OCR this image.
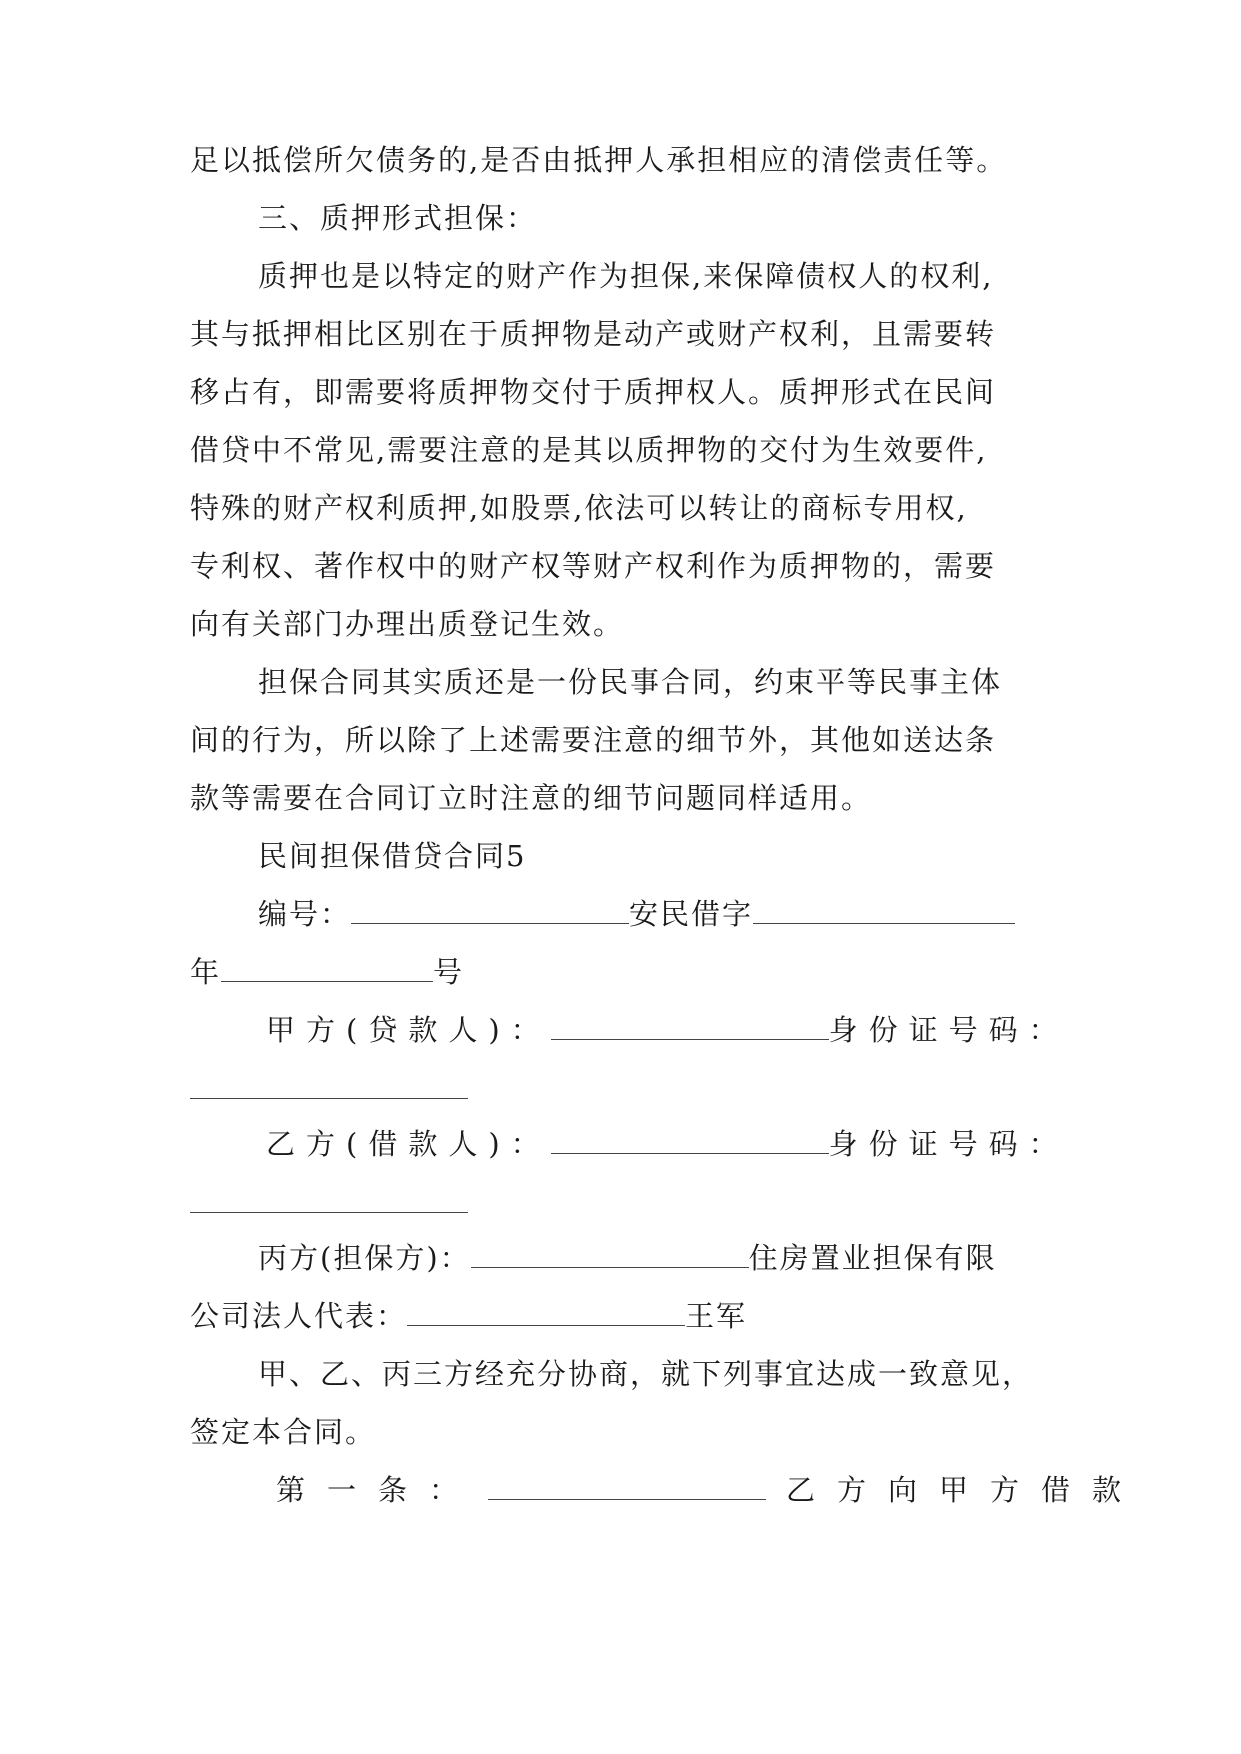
足以抵偿所欠债务的,是否由抵押人承担相应的清偿责任等。
三、质押形式担保：
质押也是以特定的财产作为担保,来保障债权人的权利,
其与抵押相比区别在于质押物是动产或财产权利，且需要转
移占有，即需要将质押物交付于质押权人。质押形式在民间
借贷中不常见,需要注意的是其以质押物的交付为生效要件,
特殊的财产权利质押,如股票,依法可以转让的商标专用权,
专利权、著作权中的财产权等财产权利作为质押物的，需要
向有关部门办理出质登记生效。
担保合同其实质还是一份民事合同，约束平等民事主体
间的行为，所以除了上述需要注意的细节外，其他如送达条
款等需要在合同订立时注意的细节问题同样适用。
民间担保借贷合同5
编号：	安民借字
年	号
甲方(贷款人)：	身份证号码：
乙方(借款人)：	身份证号码：
丙方(担保方)：	住房置业担保有限
公司法人代表：	王军
甲、乙、丙三方经充分协商，就下列事宜达成一致意见，
签定本合同。
第一条：	乙方向甲方借款
